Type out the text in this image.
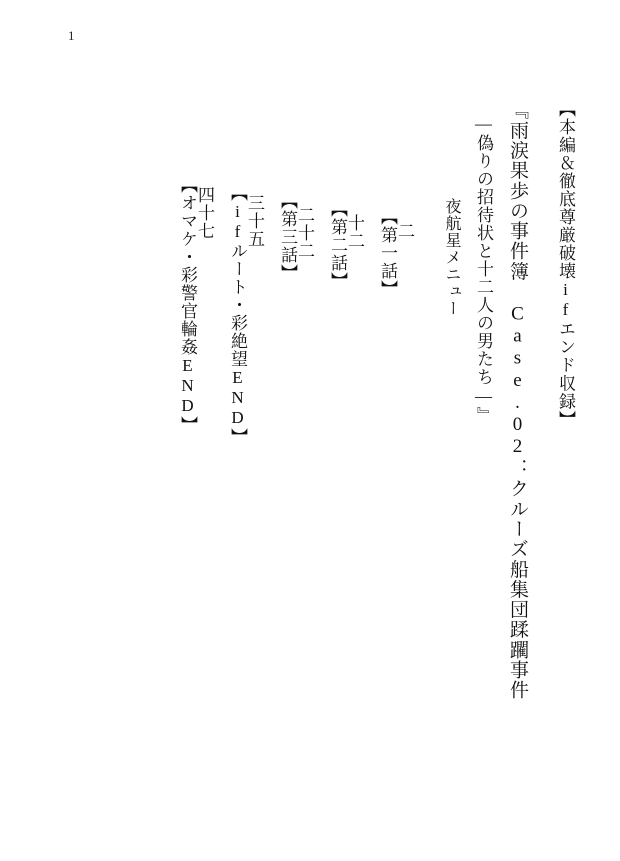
1
【オマケ・彩警官輪姦END】
四十七 【ifルート・彩絶望END】
三十五 【第三話】
二十二 【第二話】
十二 【第一話】
二 夜航星メニュー ―偽りの招待状と十二人の男たち―』 『雨涙果歩の事件簿 Case.02：クルーズ船集団蹂躙事件 【本編＆徹底尊厳破壊ifエンド収録】
